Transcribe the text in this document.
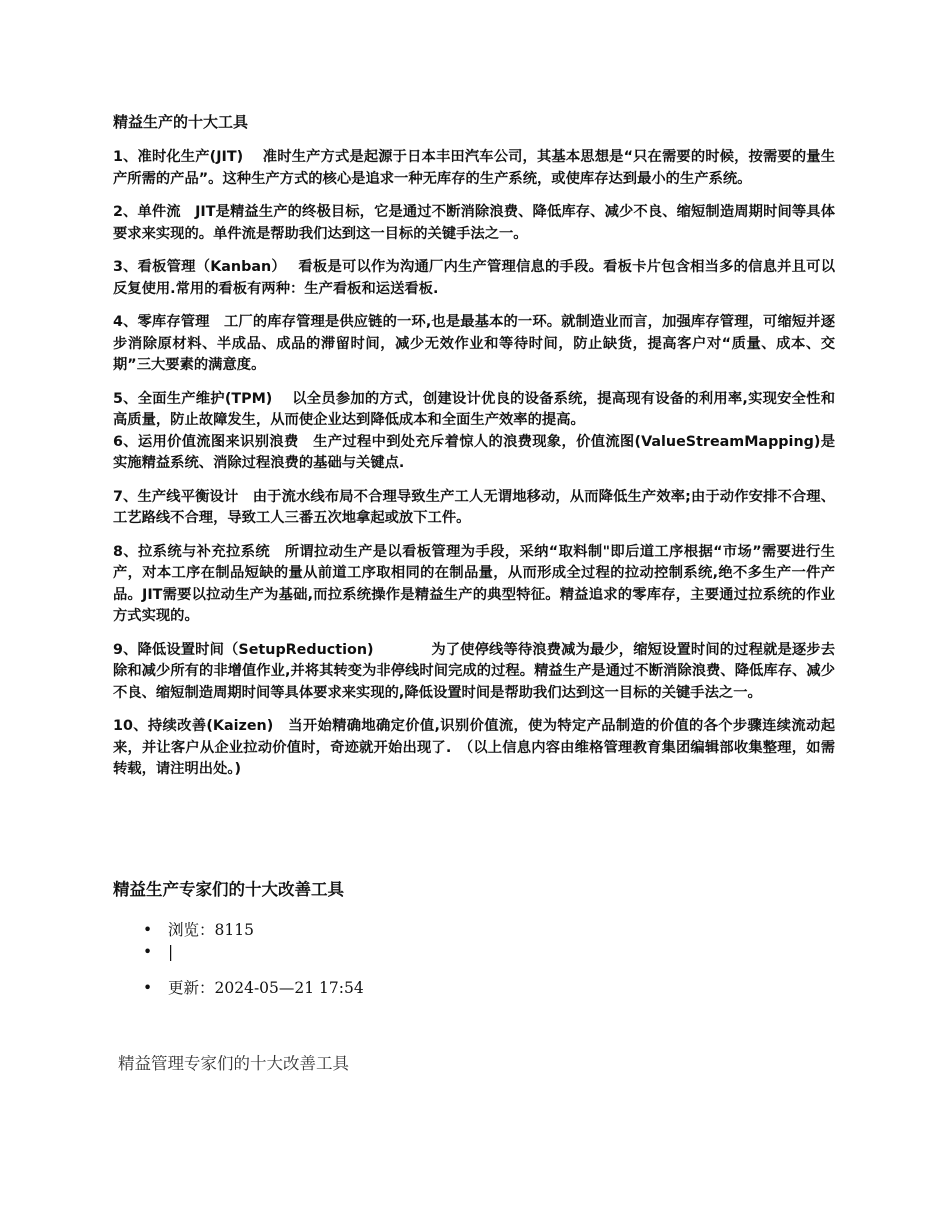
精益生产的十大工具

1、准时化生产(JIT)　 准时生产方式是起源于日本丰田汽车公司，其基本思想是“只在需要的时候，按需要的量生产所需的产品”。这种生产方式的核心是追求一种无库存的生产系统，或使库存达到最小的生产系统。

2、单件流　JIT是精益生产的终极目标，它是通过不断消除浪费、降低库存、减少不良、缩短制造周期时间等具体要求来实现的。单件流是帮助我们达到这一目标的关键手法之一。

3、看板管理（Kanban）　 看板是可以作为沟通厂内生产管理信息的手段。看板卡片包含相当多的信息并且可以反复使用.常用的看板有两种：生产看板和运送看板.

4、零库存管理　工厂的库存管理是供应链的一环,也是最基本的一环。就制造业而言，加强库存管理，可缩短并逐步消除原材料、半成品、成品的滞留时间，减少无效作业和等待时间，防止缺货，提高客户对“质量、成本、交期”三大要素的满意度。

5、全面生产维护(TPM)　 以全员参加的方式，创建设计优良的设备系统，提高现有设备的利用率,实现安全性和高质量，防止故障发生，从而使企业达到降低成本和全面生产效率的提高。

6、运用价值流图来识别浪费　生产过程中到处充斥着惊人的浪费现象，价值流图(ValueStreamMapping)是实施精益系统、消除过程浪费的基础与关键点.

7、生产线平衡设计　由于流水线布局不合理导致生产工人无谓地移动，从而降低生产效率;由于动作安排不合理、工艺路线不合理，导致工人三番五次地拿起或放下工件。

8、拉系统与补充拉系统　所谓拉动生产是以看板管理为手段，采纳“取料制"即后道工序根据“市场”需要进行生产，对本工序在制品短缺的量从前道工序取相同的在制品量，从而形成全过程的拉动控制系统,绝不多生产一件产品。JIT需要以拉动生产为基础,而拉系统操作是精益生产的典型特征。精益追求的零库存，主要通过拉系统的作业方式实现的。

9、降低设置时间（SetupReduction)　　　　为了使停线等待浪费减为最少，缩短设置时间的过程就是逐步去除和减少所有的非增值作业,并将其转变为非停线时间完成的过程。精益生产是通过不断消除浪费、降低库存、减少不良、缩短制造周期时间等具体要求来实现的,降低设置时间是帮助我们达到这一目标的关键手法之一。

10、持续改善(Kaizen)　当开始精确地确定价值,识别价值流，使为特定产品制造的价值的各个步骤连续流动起来，并让客户从企业拉动价值时，奇迹就开始出现了.　（以上信息内容由维格管理教育集团编辑部收集整理，如需转载，请注明出处。)

精益生产专家们的十大改善工具
• 浏览：8115
• |
• 更新：2024-05—21 17:54
精益管理专家们的十大改善工具
